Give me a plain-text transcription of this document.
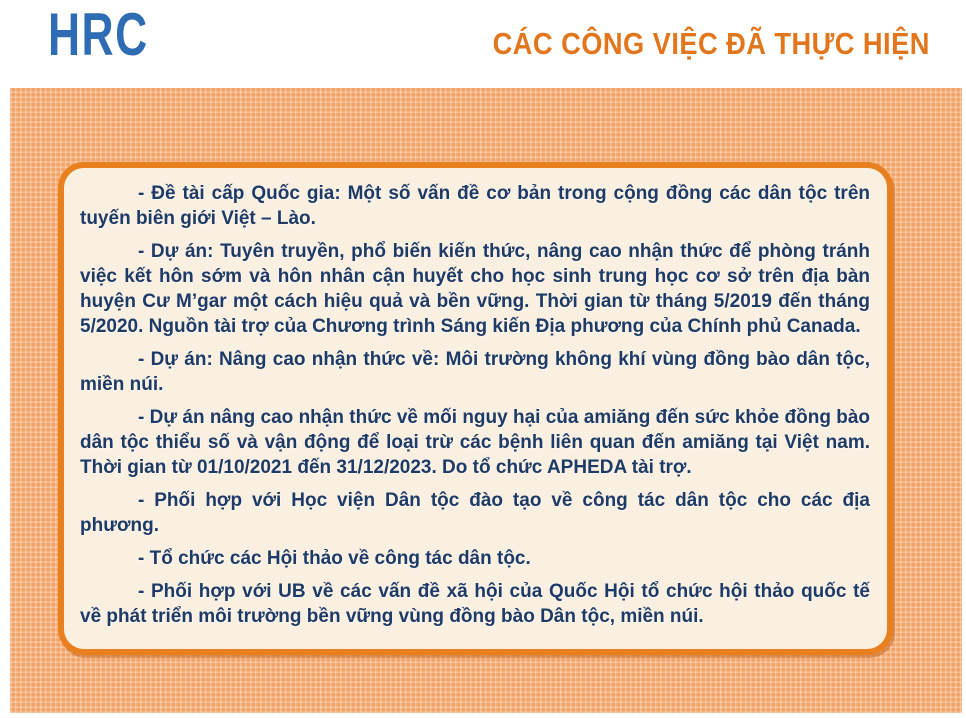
HRC	CÁC CÔNG VIỆC ĐÃ THỰC HIỆN

- Đề tài cấp Quốc gia: Một số vấn đề cơ bản trong cộng đồng các dân tộc trên tuyến biên giới Việt – Lào.

- Dự án: Tuyên truyền, phổ biến kiến thức, nâng cao nhận thức để phòng tránh việc kết hôn sớm và hôn nhân cận huyết cho học sinh trung học cơ sở trên địa bàn huyện Cư M’gar một cách hiệu quả và bền vững. Thời gian từ tháng 5/2019 đến tháng 5/2020. Nguồn tài trợ của Chương trình Sáng kiến Địa phương của Chính phủ Canada.

- Dự án: Nâng cao nhận thức về: Môi trường không khí vùng đồng bào dân tộc, miền núi.

- Dự án nâng cao nhận thức về mối nguy hại của amiăng đến sức khỏe đồng bào dân tộc thiểu số và vận động để loại trừ các bệnh liên quan đến amiăng tại Việt nam. Thời gian từ 01/10/2021 đến 31/12/2023. Do tổ chức APHEDA tài trợ.

- Phối hợp với Học viện Dân tộc đào tạo về công tác dân tộc cho các địa phương.

- Tổ chức các Hội thảo về công tác dân tộc.

- Phối hợp với UB về các vấn đề xã hội của Quốc Hội tổ chức hội thảo quốc tế về phát triển môi trường bền vững vùng đồng bào Dân tộc, miền núi.
